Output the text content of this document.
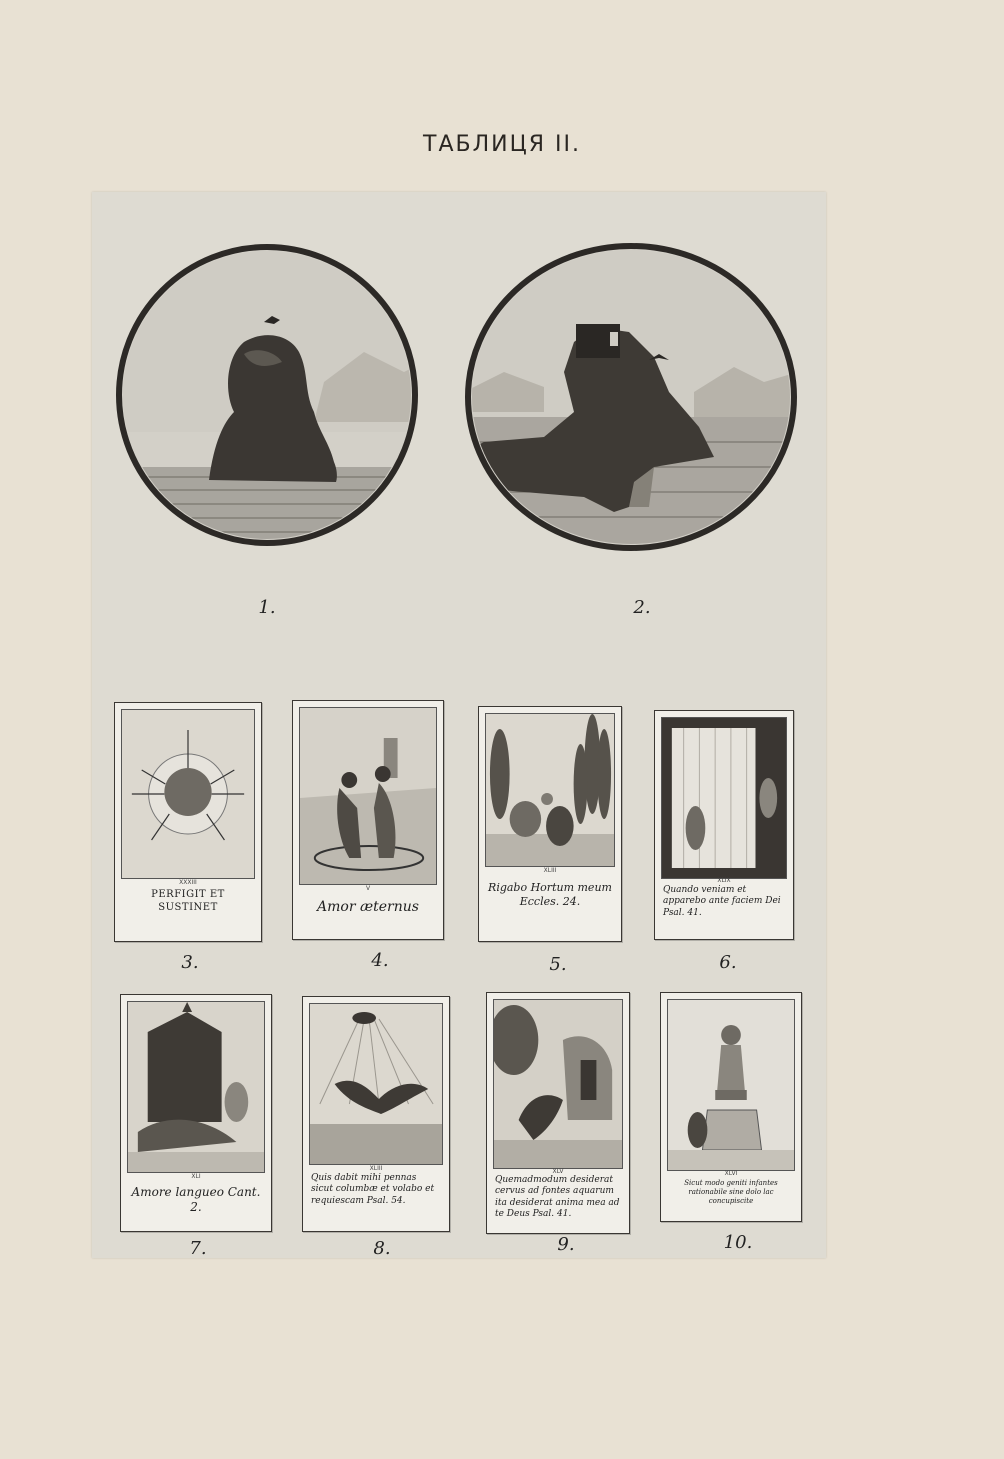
ТАБЛИЦЯ II.
1.	2.
XXXIII
PERFIGIT ET SUSTINET
3.
V
Amor æternus
4.
XLIII
Rigabo Hortum meum Eccles. 24.
5.
XLIX
Quando veniam et apparebo ante faciem Dei Psal. 41.
6.
XLI
Amore langueo Cant. 2.
7.
XLIII
Quis dabit mihi pennas sicut columbæ et volabo et requiescam Psal. 54.
8.
XLV
Quemadmodum desiderat cervus ad fontes aquarum ita desiderat anima mea ad te Deus Psal. 41.
9.
XLVI
Sicut modo geniti infantes rationabile sine dolo lac concupiscite
10.
